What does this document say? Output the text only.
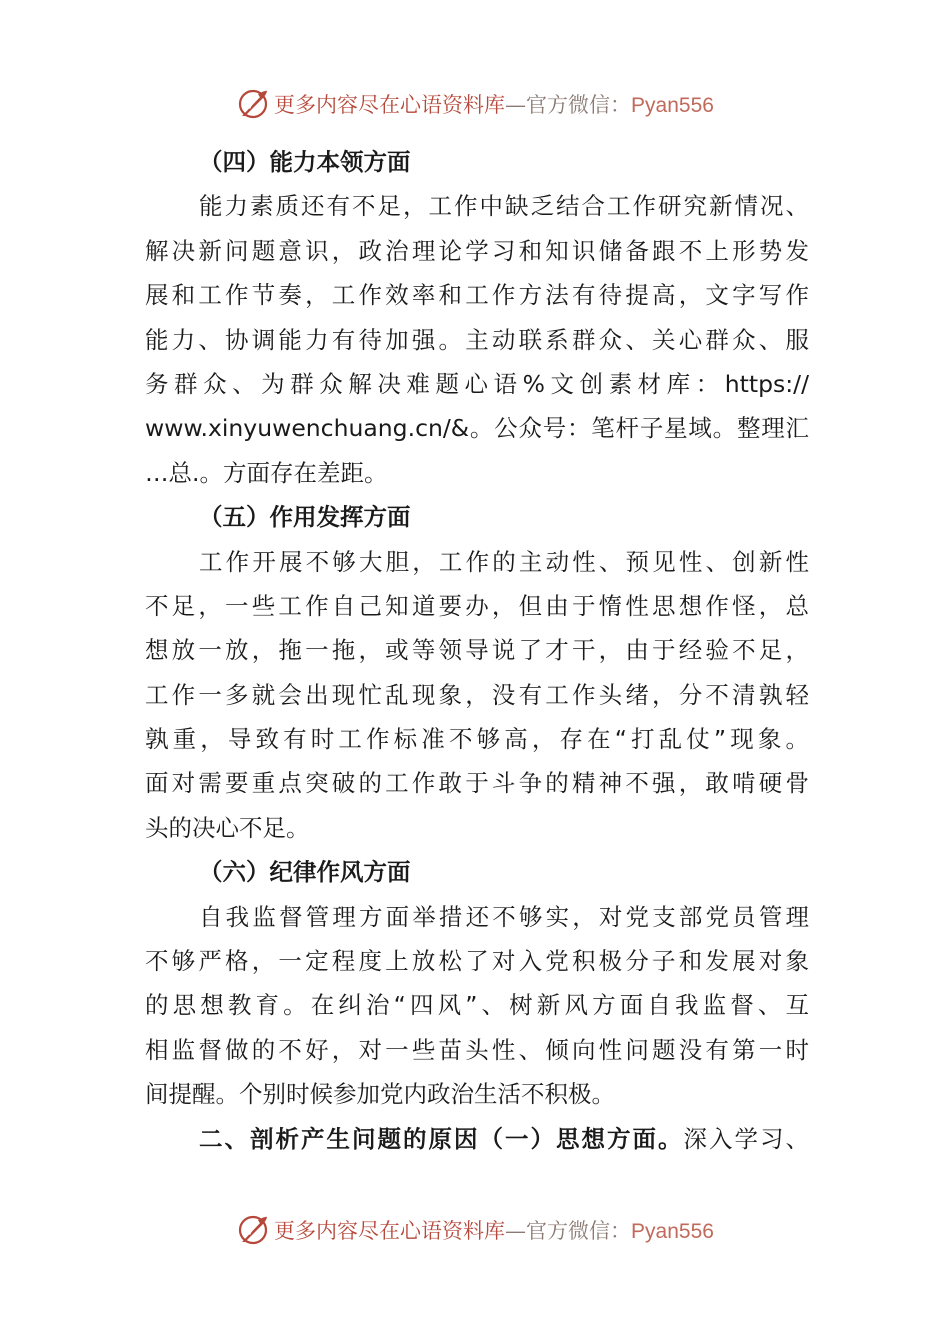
更多内容尽在心语资料库—官方微信：Pyan556
（四）能力本领方面
能力素质还有不足，工作中缺乏结合工作研究新情况、
解决新问题意识，政治理论学习和知识储备跟不上形势发
展和工作节奏，工作效率和工作方法有待提高，文字写作
能力、协调能力有待加强。主动联系群众、关心群众、服
务群众、为群众解决难题心语%文创素材库：https://
www.xinyuwenchuang.cn/&。公众号：笔杆子星域。整理汇
…总.。方面存在差距。
（五）作用发挥方面
工作开展不够大胆，工作的主动性、预见性、创新性
不足，一些工作自己知道要办，但由于惰性思想作怪，总
想放一放，拖一拖，或等领导说了才干，由于经验不足，
工作一多就会出现忙乱现象，没有工作头绪，分不清孰轻
孰重，导致有时工作标准不够高，存在“打乱仗”现象。
面对需要重点突破的工作敢于斗争的精神不强，敢啃硬骨
头的决心不足。
（六）纪律作风方面
自我监督管理方面举措还不够实，对党支部党员管理
不够严格，一定程度上放松了对入党积极分子和发展对象
的思想教育。在纠治“四风”、树新风方面自我监督、互
相监督做的不好，对一些苗头性、倾向性问题没有第一时
间提醒。个别时候参加党内政治生活不积极。
二、剖析产生问题的原因（一）思想方面。深入学习、
更多内容尽在心语资料库—官方微信：Pyan556
